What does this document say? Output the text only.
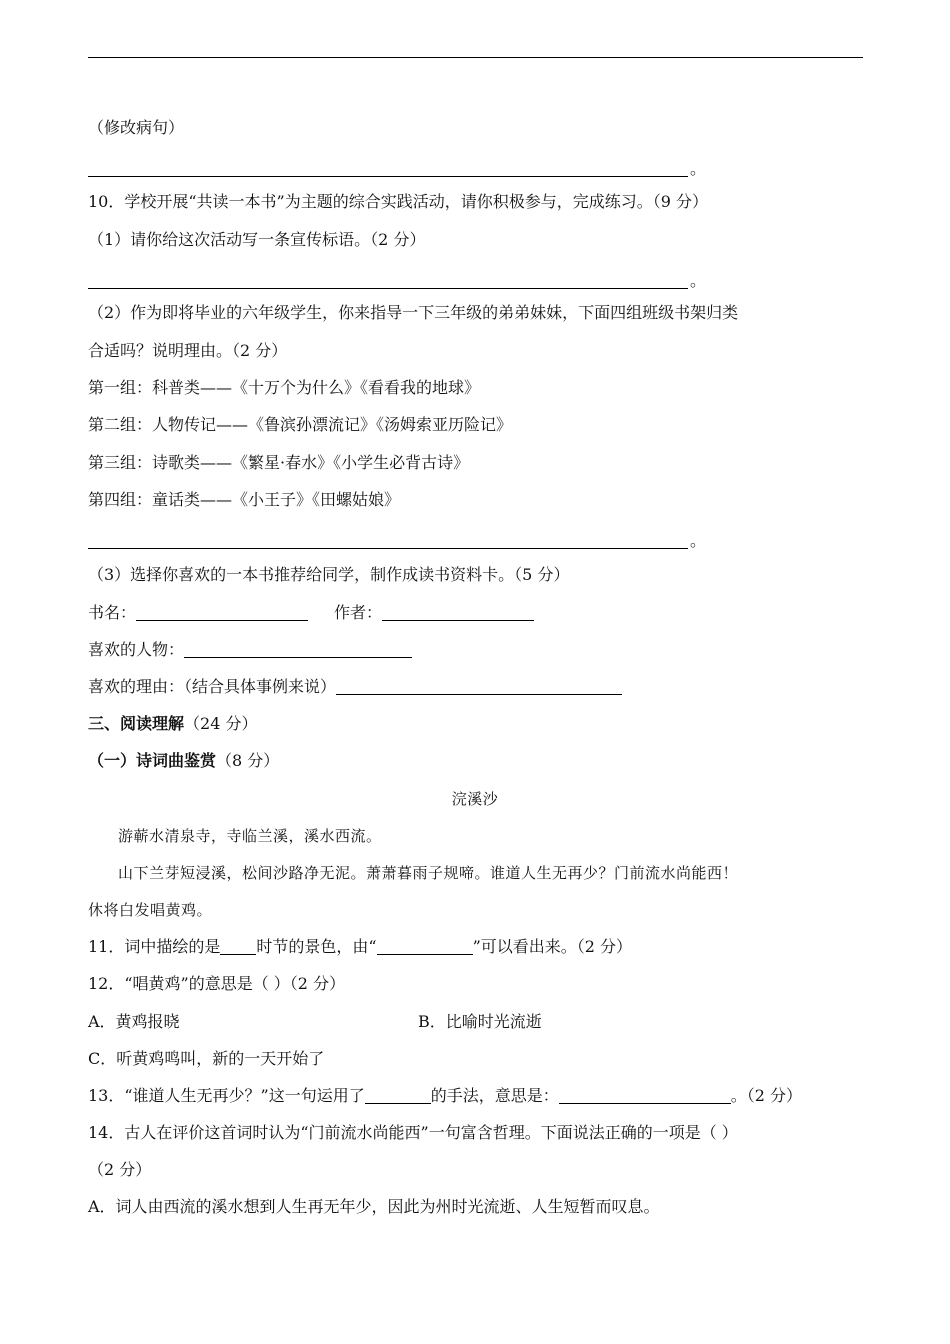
（修改病句）
。
10．学校开展“共读一本书”为主题的综合实践活动，请你积极参与，完成练习。（9 分）
（1）请你给这次活动写一条宣传标语。（2 分）
。
（2）作为即将毕业的六年级学生，你来指导一下三年级的弟弟妹妹，下面四组班级书架归类
合适吗？说明理由。（2 分）
第一组：科普类——《十万个为什么》《看看我的地球》
第二组：人物传记——《鲁滨孙漂流记》《汤姆索亚历险记》
第三组：诗歌类——《繁星·春水》《小学生必背古诗》
第四组：童话类——《小王子》《田螺姑娘》
。
（3）选择你喜欢的一本书推荐给同学，制作成读书资料卡。（5 分）
书名：	作者：
喜欢的人物：
喜欢的理由：（结合具体事例来说）
三、阅读理解（24 分）
（一）诗词曲鉴赏（8 分）
浣溪沙
游蕲水清泉寺，寺临兰溪，溪水西流。
山下兰芽短浸溪，松间沙路净无泥。萧萧暮雨子规啼。谁道人生无再少？门前流水尚能西！
休将白发唱黄鸡。
11．词中描绘的是 时节的景色，由“	”可以看出来。（2 分）
12．“唱黄鸡”的意思是（ ）（2 分）
A．黄鸡报晓	B．比喻时光流逝
C．听黄鸡鸣叫，新的一天开始了
13．“谁道人生无再少？”这一句运用了	的手法，意思是：	。（2 分）
14．古人在评价这首词时认为“门前流水尚能西”一句富含哲理。下面说法正确的一项是（ ）
（2 分）
A．词人由西流的溪水想到人生再无年少，因此为州时光流逝、人生短暂而叹息。
